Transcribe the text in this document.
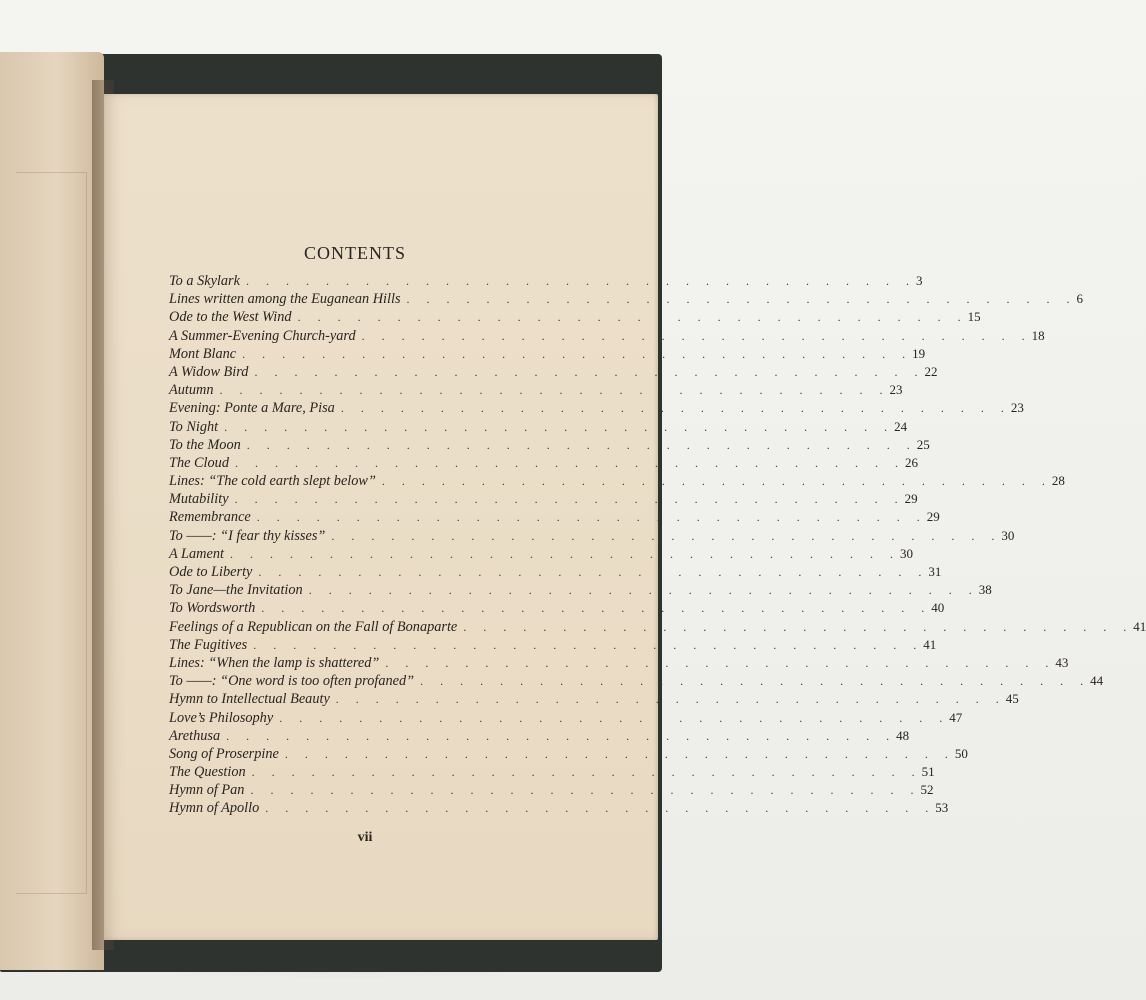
CONTENTS
To a Skylark . . . . . . . . . . . . . . . . . . . . . . . . . . . . . . . . . . 3
Lines written among the Euganean Hills . . . . . . . . . . . . . . . . . . . . . . . . . . . . . . . . . . 6
Ode to the West Wind . . . . . . . . . . . . . . . . . . . . . . . . . . . . . . . . . . 15
A Summer-Evening Church-yard . . . . . . . . . . . . . . . . . . . . . . . . . . . . . . . . . . 18
Mont Blanc . . . . . . . . . . . . . . . . . . . . . . . . . . . . . . . . . . 19
A Widow Bird . . . . . . . . . . . . . . . . . . . . . . . . . . . . . . . . . . 22
Autumn . . . . . . . . . . . . . . . . . . . . . . . . . . . . . . . . . . 23
Evening: Ponte a Mare, Pisa . . . . . . . . . . . . . . . . . . . . . . . . . . . . . . . . . . 23
To Night . . . . . . . . . . . . . . . . . . . . . . . . . . . . . . . . . . 24
To the Moon . . . . . . . . . . . . . . . . . . . . . . . . . . . . . . . . . . 25
The Cloud . . . . . . . . . . . . . . . . . . . . . . . . . . . . . . . . . . 26
Lines: “The cold earth slept below” . . . . . . . . . . . . . . . . . . . . . . . . . . . . . . . . . . 28
Mutability . . . . . . . . . . . . . . . . . . . . . . . . . . . . . . . . . . 29
Remembrance . . . . . . . . . . . . . . . . . . . . . . . . . . . . . . . . . . 29
To ——: “I fear thy kisses” . . . . . . . . . . . . . . . . . . . . . . . . . . . . . . . . . . 30
A Lament . . . . . . . . . . . . . . . . . . . . . . . . . . . . . . . . . . 30
Ode to Liberty . . . . . . . . . . . . . . . . . . . . . . . . . . . . . . . . . . 31
To Jane—the Invitation . . . . . . . . . . . . . . . . . . . . . . . . . . . . . . . . . . 38
To Wordsworth . . . . . . . . . . . . . . . . . . . . . . . . . . . . . . . . . . 40
Feelings of a Republican on the Fall of Bonaparte . . . . . . . . . . . . . . . . . . . . . . . . . . . . . . . . . . 41
The Fugitives . . . . . . . . . . . . . . . . . . . . . . . . . . . . . . . . . . 41
Lines: “When the lamp is shattered” . . . . . . . . . . . . . . . . . . . . . . . . . . . . . . . . . . 43
To ——: “One word is too often profaned” . . . . . . . . . . . . . . . . . . . . . . . . . . . . . . . . . . 44
Hymn to Intellectual Beauty . . . . . . . . . . . . . . . . . . . . . . . . . . . . . . . . . . 45
Love’s Philosophy . . . . . . . . . . . . . . . . . . . . . . . . . . . . . . . . . . 47
Arethusa . . . . . . . . . . . . . . . . . . . . . . . . . . . . . . . . . . 48
Song of Proserpine . . . . . . . . . . . . . . . . . . . . . . . . . . . . . . . . . . 50
The Question . . . . . . . . . . . . . . . . . . . . . . . . . . . . . . . . . . 51
Hymn of Pan . . . . . . . . . . . . . . . . . . . . . . . . . . . . . . . . . . 52
Hymn of Apollo . . . . . . . . . . . . . . . . . . . . . . . . . . . . . . . . . . 53
vii
